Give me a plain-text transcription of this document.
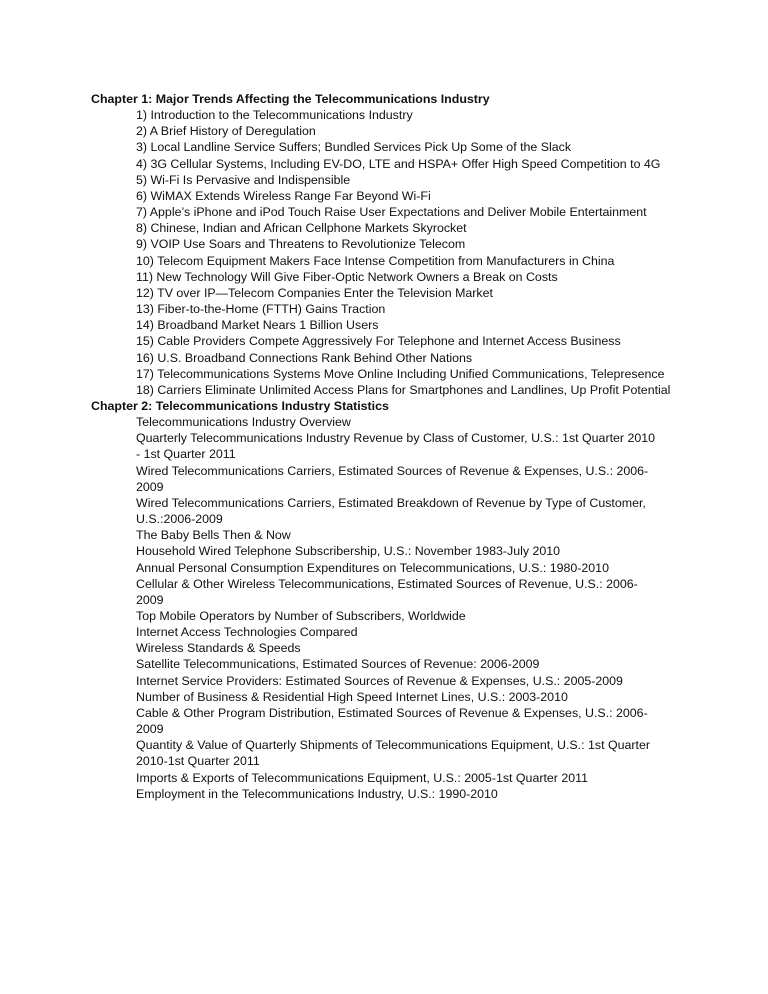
Chapter 1: Major Trends Affecting the Telecommunications Industry
1) Introduction to the Telecommunications Industry
2) A Brief History of Deregulation
3) Local Landline Service Suffers; Bundled Services Pick Up Some of the Slack
4) 3G Cellular Systems, Including EV-DO, LTE and HSPA+ Offer High Speed Competition to 4G
5) Wi-Fi Is Pervasive and Indispensible
6) WiMAX Extends Wireless Range Far Beyond Wi-Fi
7) Apple’s iPhone and iPod Touch Raise User Expectations and Deliver Mobile Entertainment
8) Chinese, Indian and African Cellphone Markets Skyrocket
9) VOIP Use Soars and Threatens to Revolutionize Telecom
10) Telecom Equipment Makers Face Intense Competition from Manufacturers in China
11) New Technology Will Give Fiber-Optic Network Owners a Break on Costs
12) TV over IP—Telecom Companies Enter the Television Market
13) Fiber-to-the-Home (FTTH) Gains Traction
14) Broadband Market Nears 1 Billion Users
15) Cable Providers Compete Aggressively For Telephone and Internet Access Business
16) U.S. Broadband Connections Rank Behind Other Nations
17) Telecommunications Systems Move Online Including Unified Communications, Telepresence
18) Carriers Eliminate Unlimited Access Plans for Smartphones and Landlines, Up Profit Potential
Chapter 2: Telecommunications Industry Statistics
Telecommunications Industry Overview
Quarterly Telecommunications Industry Revenue by Class of Customer, U.S.: 1st Quarter 2010 - 1st Quarter 2011
Wired Telecommunications Carriers, Estimated Sources of Revenue & Expenses, U.S.: 2006-2009
Wired Telecommunications Carriers, Estimated Breakdown of Revenue by Type of Customer, U.S.:2006-2009
The Baby Bells Then & Now
Household Wired Telephone Subscribership, U.S.: November 1983-July 2010
Annual Personal Consumption Expenditures on Telecommunications, U.S.: 1980-2010
Cellular & Other Wireless Telecommunications, Estimated Sources of Revenue, U.S.: 2006-2009
Top Mobile Operators by Number of Subscribers, Worldwide
Internet Access Technologies Compared
Wireless Standards & Speeds
Satellite Telecommunications, Estimated Sources of Revenue: 2006-2009
Internet Service Providers: Estimated Sources of Revenue & Expenses, U.S.: 2005-2009
Number of Business & Residential High Speed Internet Lines, U.S.: 2003-2010
Cable & Other Program Distribution, Estimated Sources of Revenue & Expenses, U.S.: 2006-2009
Quantity & Value of Quarterly Shipments of Telecommunications Equipment, U.S.: 1st Quarter 2010-1st Quarter 2011
Imports & Exports of Telecommunications Equipment, U.S.: 2005-1st Quarter 2011
Employment in the Telecommunications Industry, U.S.: 1990-2010
